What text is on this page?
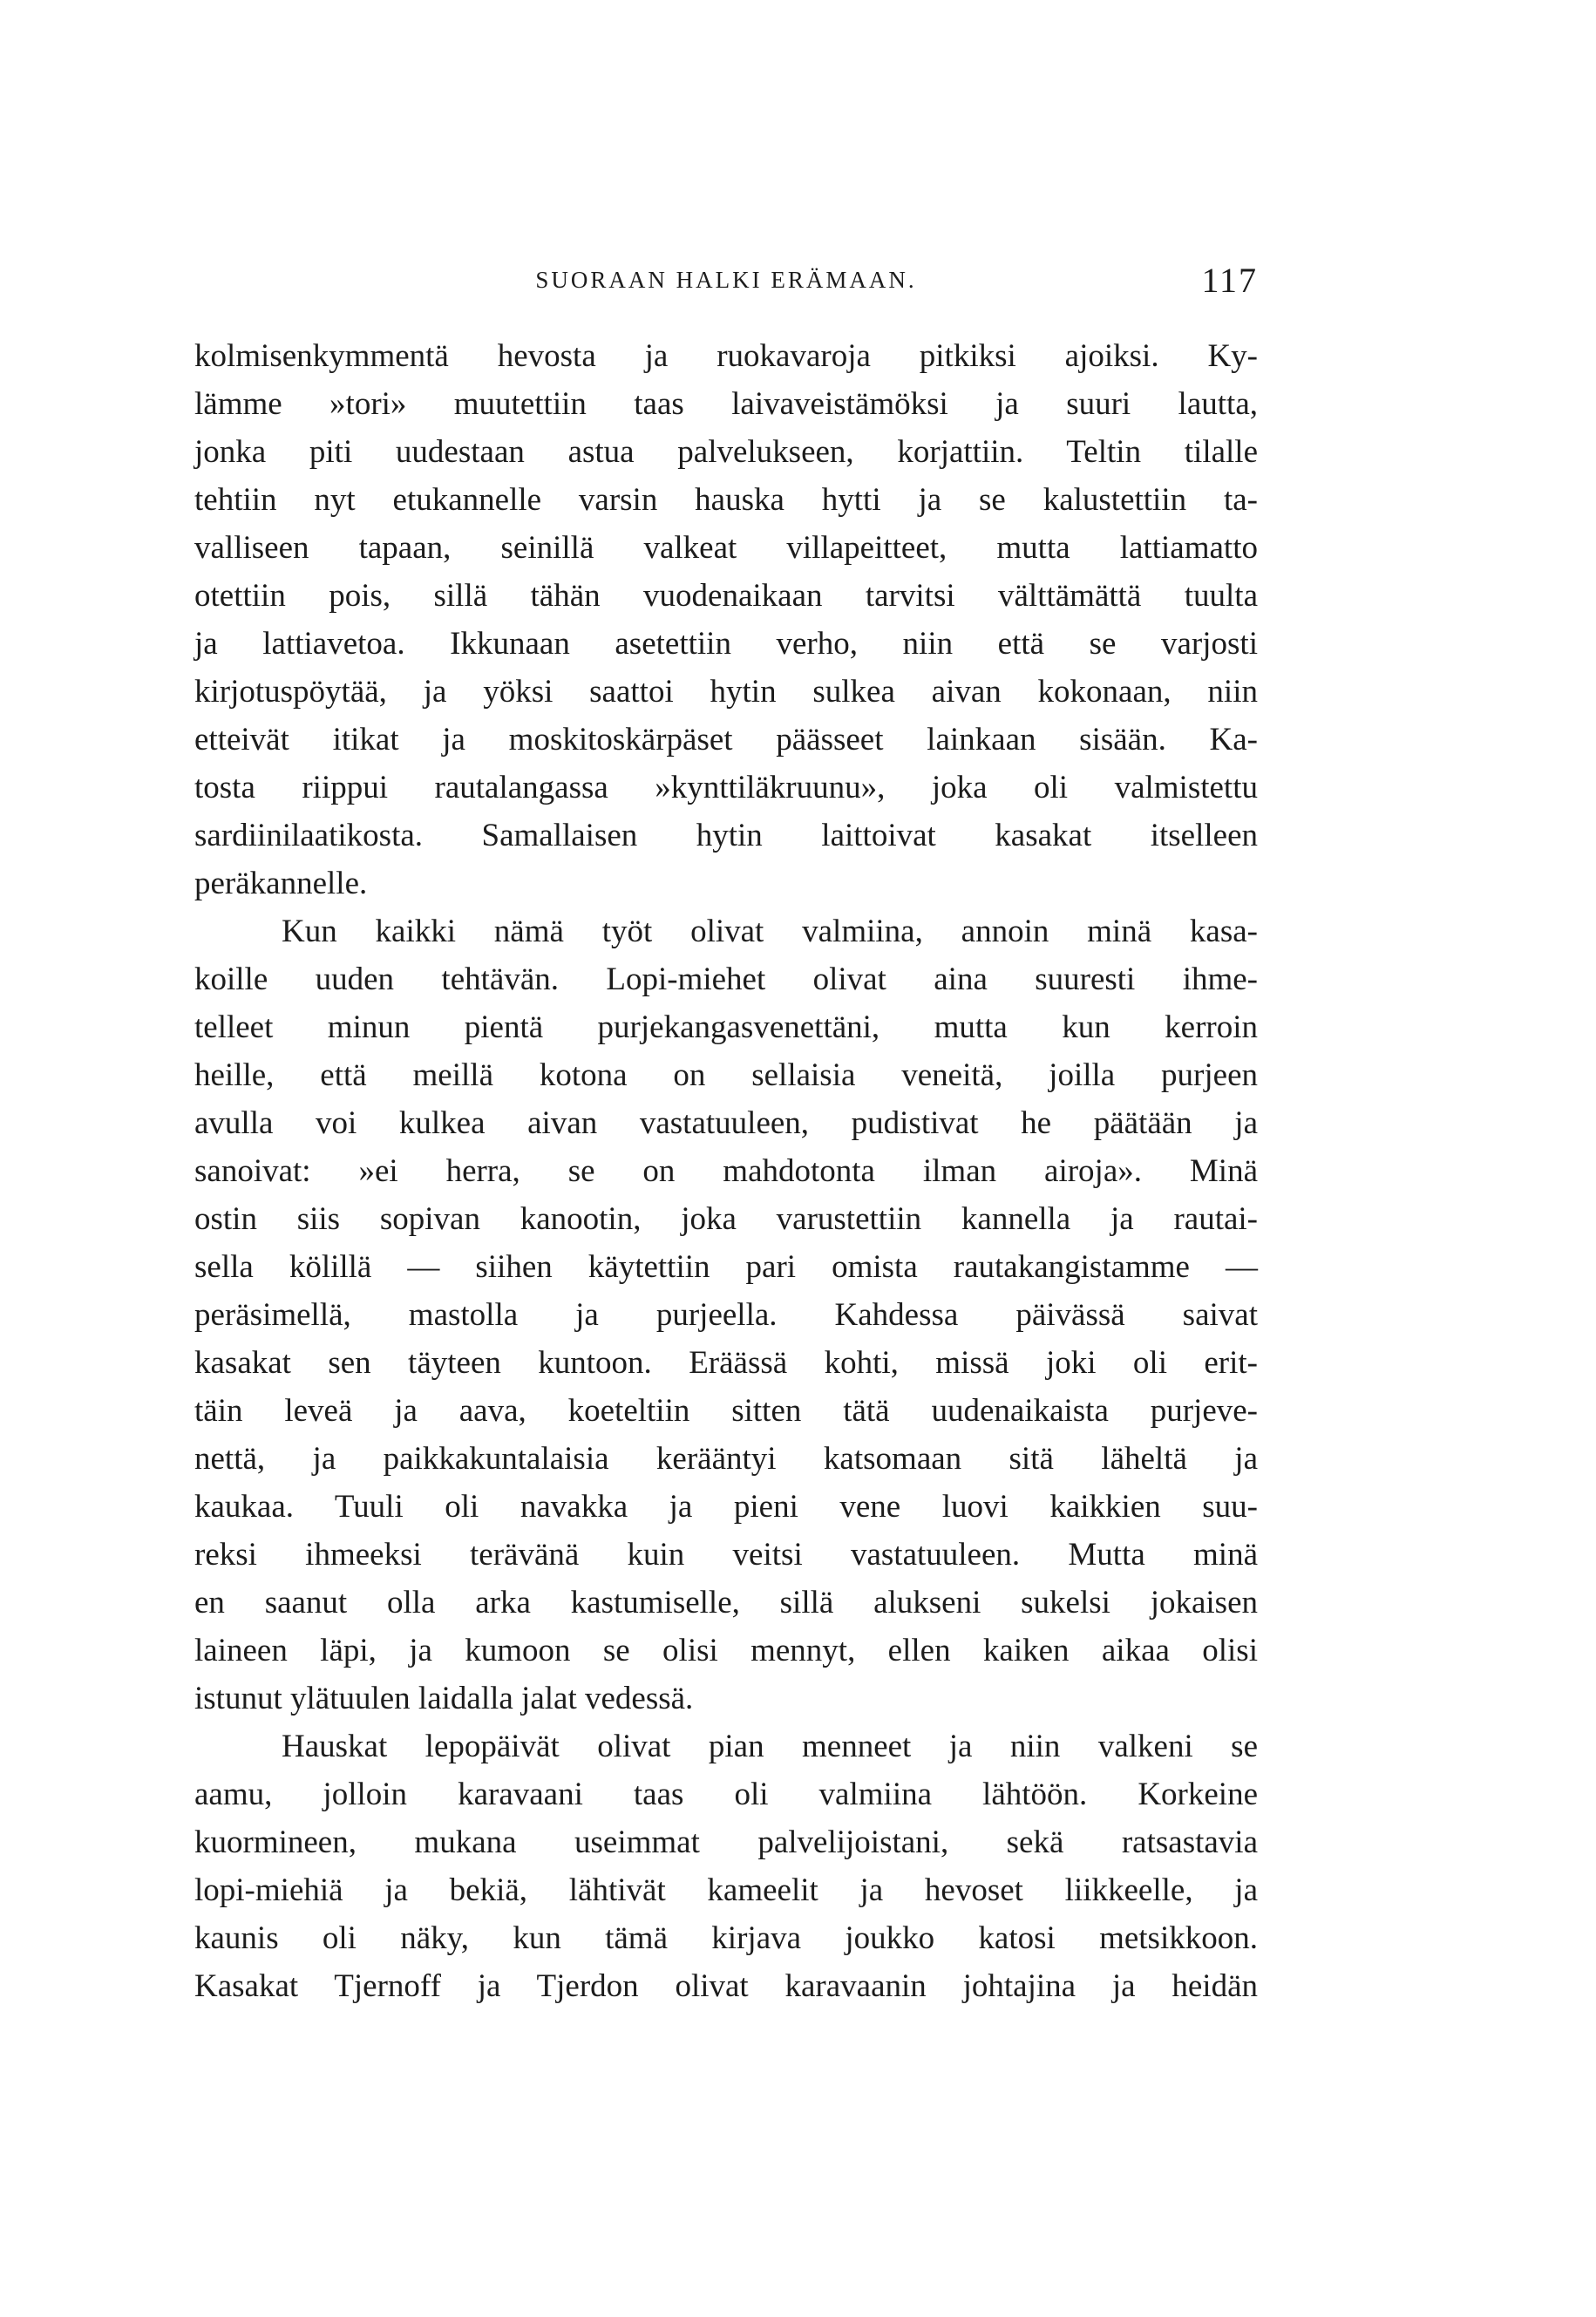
SUORAAN HALKI ERÄMAAN.	117
kolmisenkymmentä hevosta ja ruokavaroja pitkiksi ajoiksi. Ky-
lämme »tori» muutettiin taas laivaveistämöksi ja suuri lautta,
jonka piti uudestaan astua palvelukseen, korjattiin. Teltin tilalle
tehtiin nyt etukannelle varsin hauska hytti ja se kalustettiin ta-
valliseen tapaan, seinillä valkeat villapeitteet, mutta lattiamatto
otettiin pois, sillä tähän vuodenaikaan tarvitsi välttämättä tuulta
ja lattiavetoa. Ikkunaan asetettiin verho, niin että se varjosti
kirjotuspöytää, ja yöksi saattoi hytin sulkea aivan kokonaan, niin
etteivät itikat ja moskitoskärpäset päässeet lainkaan sisään. Ka-
tosta riippui rautalangassa »kynttiläkruunu», joka oli valmistettu
sardiinilaatikosta. Samallaisen hytin laittoivat kasakat itselleen
peräkannelle.
Kun kaikki nämä työt olivat valmiina, annoin minä kasa-
koille uuden tehtävän. Lopi-miehet olivat aina suuresti ihme-
telleet minun pientä purjekangasvenettäni, mutta kun kerroin
heille, että meillä kotona on sellaisia veneitä, joilla purjeen
avulla voi kulkea aivan vastatuuleen, pudistivat he päätään ja
sanoivat: »ei herra, se on mahdotonta ilman airoja». Minä
ostin siis sopivan kanootin, joka varustettiin kannella ja rautai-
sella kölillä — siihen käytettiin pari omista rautakangistamme —
peräsimellä, mastolla ja purjeella. Kahdessa päivässä saivat
kasakat sen täyteen kuntoon. Eräässä kohti, missä joki oli erit-
täin leveä ja aava, koeteltiin sitten tätä uudenaikaista purjeve-
nettä, ja paikkakuntalaisia kerääntyi katsomaan sitä läheltä ja
kaukaa. Tuuli oli navakka ja pieni vene luovi kaikkien suu-
reksi ihmeeksi terävänä kuin veitsi vastatuuleen. Mutta minä
en saanut olla arka kastumiselle, sillä alukseni sukelsi jokaisen
laineen läpi, ja kumoon se olisi mennyt, ellen kaiken aikaa olisi
istunut ylätuulen laidalla jalat vedessä.
Hauskat lepopäivät olivat pian menneet ja niin valkeni se
aamu, jolloin karavaani taas oli valmiina lähtöön. Korkeine
kuormineen, mukana useimmat palvelijoistani, sekä ratsastavia
lopi-miehiä ja bekiä, lähtivät kameelit ja hevoset liikkeelle, ja
kaunis oli näky, kun tämä kirjava joukko katosi metsikkoon.
Kasakat Tjernoff ja Tjerdon olivat karavaanin johtajina ja heidän
